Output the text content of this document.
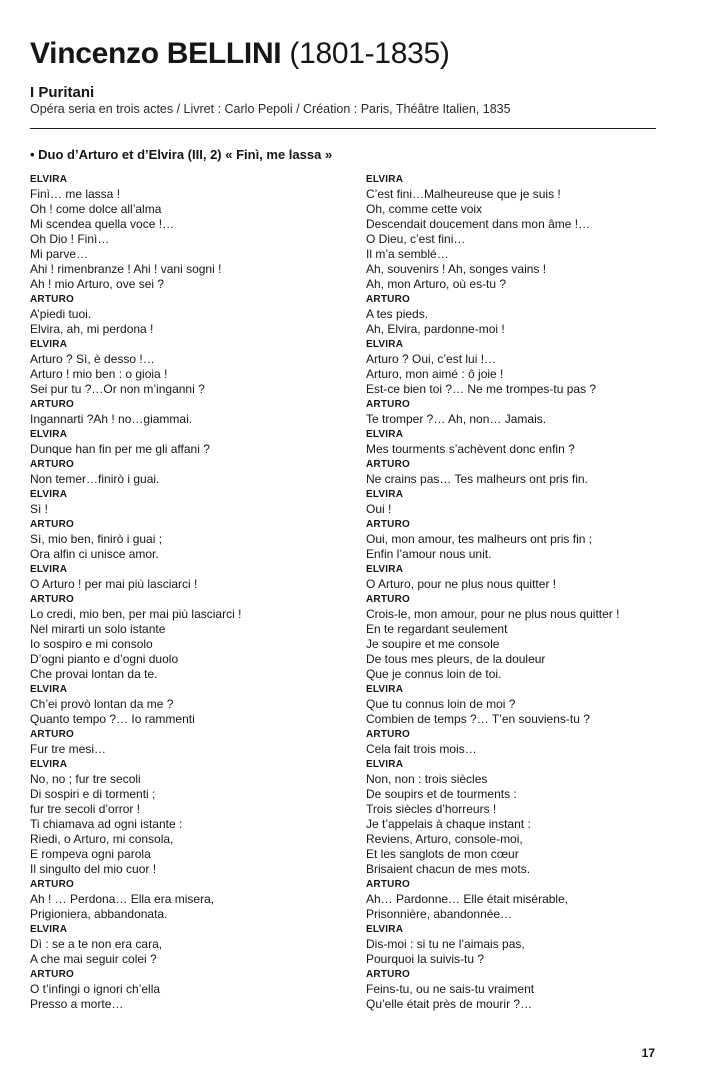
Vincenzo BELLINI (1801-1835)
I Puritani
Opéra seria en trois actes / Livret : Carlo Pepoli / Création : Paris, Théâtre Italien, 1835
• Duo d’Arturo et d’Elvira (III, 2) « Finì, me lassa »
ELVIRA
Finì… me lassa !
Oh ! come dolce all’alma
Mi scendea quella voce !…
Oh Dio ! Finì…
Mi parve…
Ahi ! rimenbranze ! Ahi ! vani sogni !
Ah ! mio Arturo, ove sei ?
ARTURO
A’piedi tuoi.
Elvira, ah, mi perdona !
ELVIRA
Arturo ? Sì, è desso !…
Arturo ! mio ben : o gioia !
Sei pur tu ?…Or non m’inganni ?
ARTURO
Ingannarti ?Ah ! no…giammai.
ELVIRA
Dunque han fin per me gli affani ?
ARTURO
Non temer…finirò i guai.
ELVIRA
Sì !
ARTURO
Sì, mio ben, finirò i guai ;
Ora alfin ci unisce amor.
ELVIRA
O Arturo ! per mai più lasciarci !
ARTURO
Lo credi, mio ben, per mai più lasciarci !
Nel mirarti un solo istante
Io sospiro e mi consolo
D’ogni pianto e d’ogni duolo
Che provai lontan da te.
ELVIRA
Ch’ei provò lontan da me ?
Quanto tempo ?… Io rammenti
ARTURO
Fur tre mesi…
ELVIRA
No, no ; fur tre secoli
Di sospiri e di tormenti ;
fur tre secoli d’orror !
Ti chiamava ad ogni istante :
Riedi, o Arturo, mi consola,
E rompeva ogni parola
Il singulto del mio cuor !
ARTURO
Ah ! … Perdona… Ella era misera,
Prigioniera, abbandonata.
ELVIRA
Dì : se a te non era cara,
A che mai seguir colei ?
ARTURO
O t’infingi o ignori ch’ella
Presso a morte…
ELVIRA
C’est fini…Malheureuse que je suis !
Oh, comme cette voix
Descendait doucement dans mon âme !…
O Dieu, c’est fini…
Il m’a semblé…
Ah, souvenirs ! Ah, songes vains !
Ah, mon Arturo, où es-tu ?
ARTURO
A tes pieds.
Ah, Elvira, pardonne-moi !
ELVIRA
Arturo ? Oui, c’est lui !…
Arturo, mon aimé : ô joie !
Est-ce bien toi ?… Ne me trompes-tu pas ?
ARTURO
Te tromper ?… Ah, non… Jamais.
ELVIRA
Mes tourments s’achèvent donc enfin ?
ARTURO
Ne crains pas… Tes malheurs ont pris fin.
ELVIRA
Oui !
ARTURO
Oui, mon amour, tes malheurs ont pris fin ;
Enfin l’amour nous unit.
ELVIRA
O Arturo, pour ne plus nous quitter !
ARTURO
Crois-le, mon amour, pour ne plus nous quitter !
En te regardant seulement
Je soupire et me console
De tous mes pleurs, de la douleur
Que je connus loin de toi.
ELVIRA
Que tu connus loin de moi ?
Combien de temps ?… T’en souviens-tu ?
ARTURO
Cela fait trois mois…
ELVIRA
Non, non : trois siècles
De soupirs et de tourments :
Trois siècles d’horreurs !
Je t’appelais à chaque instant :
Reviens, Arturo, console-moi,
Et les sanglots de mon cœur
Brisaient chacun de mes mots.
ARTURO
Ah… Pardonne… Elle était misérable,
Prisonnière, abandonnée…
ELVIRA
Dis-moi : si tu ne l’aimais pas,
Pourquoi la suivis-tu ?
ARTURO
Feins-tu, ou ne sais-tu vraiment
Qu’elle était près de mourir ?…
17
